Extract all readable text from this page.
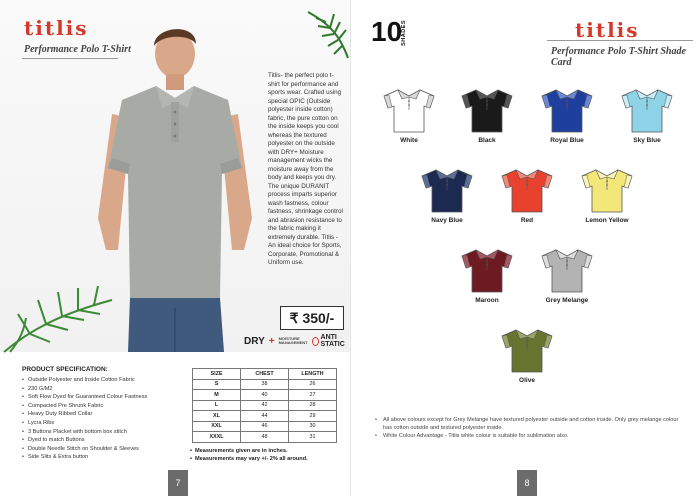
titlis
Performance Polo T-Shirt

Titlis- the perfect polo t-shirt for performance and sports wear. Crafted using special OPIC (Outside polyester inside cotton) fabric, the pure cotton on the inside keeps you cool whereas the textured polyester on the outside with DRY+ Moisture management wicks the moisture away from the body and keeps you dry. The unique DURANIT process imparts superior wash fastness, colour fastness, shrinkage control and abrasion resistance to the fabric making it extremely durable. Titlis - An ideal choice for Sports, Corporate, Promotional & Uniform use.

₹ 350/-
DRY + MOISTURE
MANAGEMENT
ANTI STATIC
PRODUCT SPECIFICATION:
• Outside Polyester and Inside Cotton Fabric
• 230 G/M2
• Soft Flow Dyed for Guaranteed Colour Fastness
• Compacted Pre Shrunk Fabric
• Heavy Duty Ribbed Collar
• Lycra Ribs
• 3 Buttons Placket with bottom box stitch
• Dyed to match Buttons
• Double Needle Stitch on Shoulder & Sleeves
• Side Slits & Extra button
SIZE	CHEST	LENGTH
S	38	26
M	40	27
L	42	28
XL	44	29
XXL	46	30
XXXL	48	31
• Measurements given are in inches.
• Measurements may vary +/- 2% all around.
7
10
SHADES	titlis
Performance Polo T-Shirt Shade Card
White	Black	Royal Blue	Sky Blue
Navy Blue	Red	Lemon Yellow
Maroon	Grey Melange
Olive
• All above colours except for Grey Melange have textured polyester outside and cotton inside. Only grey melange colour has cotton outside and textured polyester inside.
• White Colour Advantage - Titlis white colour is suitable for sublimation also.
8
